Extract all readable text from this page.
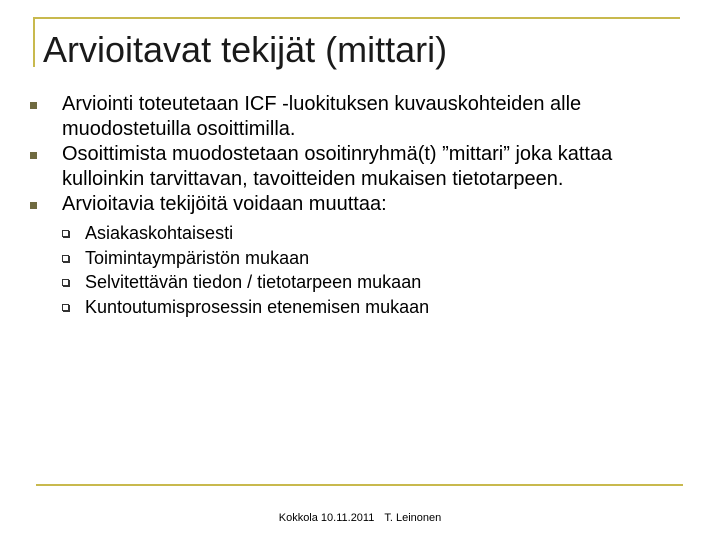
Arvioitavat tekijät (mittari)
Arviointi toteutetaan ICF -luokituksen kuvauskohteiden alle muodostetuilla osoittimilla.
Osoittimista muodostetaan osoitinryhmä(t) ”mittari” joka kattaa kulloinkin tarvittavan, tavoitteiden mukaisen tietotarpeen.
Arvioitavia tekijöitä voidaan muuttaa:
Asiakaskohtaisesti
Toimintaympäristön mukaan
Selvitettävän tiedon / tietotarpeen mukaan
Kuntoutumisprosessin etenemisen mukaan
Kokkola 10.11.2011 T. Leinonen
